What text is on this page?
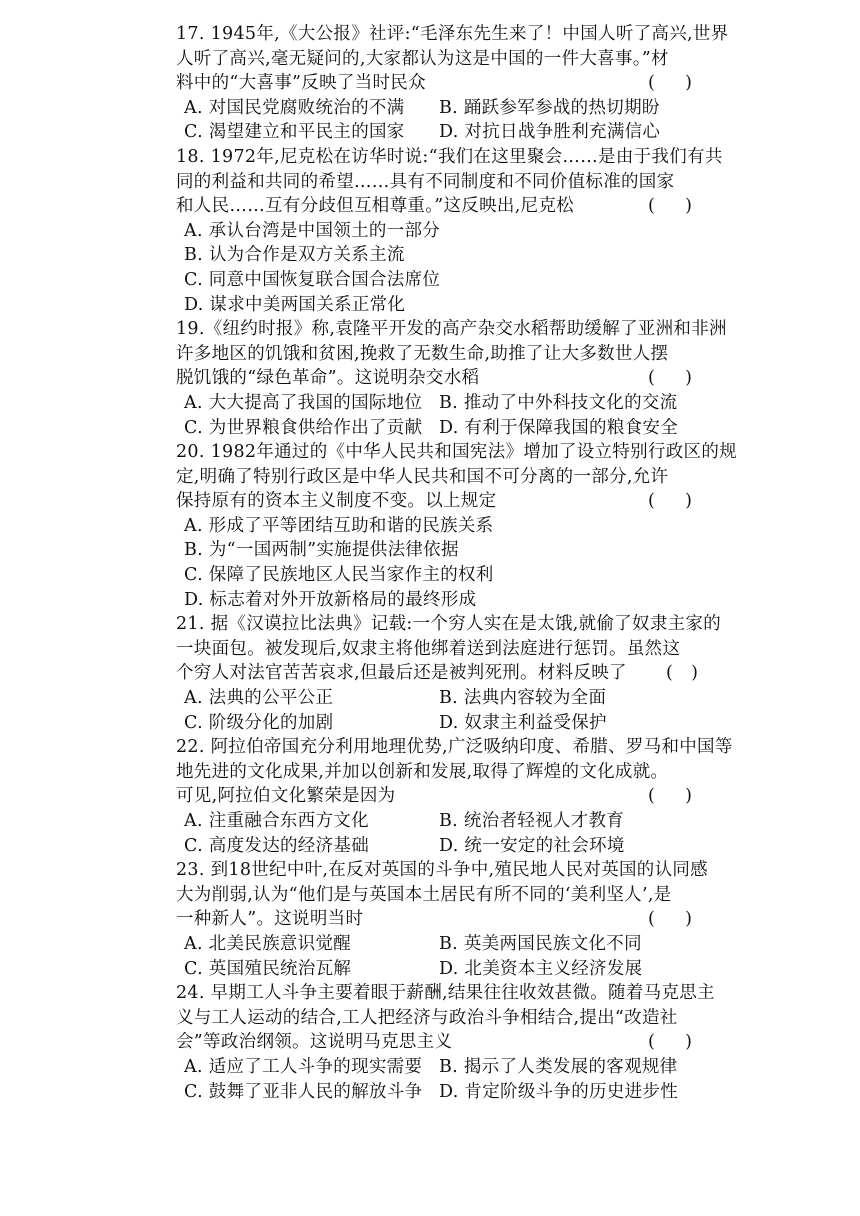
17. 1945年,《大公报》社评:“毛泽东先生来了！中国人听了高兴,世界
人听了高兴,毫无疑问的,大家都认为这是中国的一件大喜事。”材
料中的“大喜事”反映了当时民众	( )
A. 对国民党腐败统治的不满	B. 踊跃参军参战的热切期盼
C. 渴望建立和平民主的国家	D. 对抗日战争胜利充满信心
18. 1972年,尼克松在访华时说:“我们在这里聚会……是由于我们有共
同的利益和共同的希望……具有不同制度和不同价值标准的国家
和人民……互有分歧但互相尊重。”这反映出,尼克松	( )
A. 承认台湾是中国领土的一部分
B. 认为合作是双方关系主流
C. 同意中国恢复联合国合法席位
D. 谋求中美两国关系正常化
19.《纽约时报》称,袁隆平开发的高产杂交水稻帮助缓解了亚洲和非洲
许多地区的饥饿和贫困,挽救了无数生命,助推了让大多数世人摆
脱饥饿的“绿色革命”。这说明杂交水稻	( )
A. 大大提高了我国的国际地位 B. 推动了中外科技文化的交流
C. 为世界粮食供给作出了贡献 D. 有利于保障我国的粮食安全
20. 1982年通过的《中华人民共和国宪法》增加了设立特别行政区的规
定,明确了特别行政区是中华人民共和国不可分离的一部分,允许
保持原有的资本主义制度不变。以上规定	( )
A. 形成了平等团结互助和谐的民族关系
B. 为“一国两制”实施提供法律依据
C. 保障了民族地区人民当家作主的权利
D. 标志着对外开放新格局的最终形成
21. 据《汉谟拉比法典》记载:一个穷人实在是太饿,就偷了奴隶主家的
一块面包。被发现后,奴隶主将他绑着送到法庭进行惩罚。虽然这
个穷人对法官苦苦哀求,但最后还是被判死刑。材料反映了 ( )
A. 法典的公平公正	B. 法典内容较为全面
C. 阶级分化的加剧	D. 奴隶主利益受保护
22. 阿拉伯帝国充分利用地理优势,广泛吸纳印度、希腊、罗马和中国等
地先进的文化成果,并加以创新和发展,取得了辉煌的文化成就。
可见,阿拉伯文化繁荣是因为	( )
A. 注重融合东西方文化	B. 统治者轻视人才教育
C. 高度发达的经济基础	D. 统一安定的社会环境
23. 到18世纪中叶,在反对英国的斗争中,殖民地人民对英国的认同感
大为削弱,认为“他们是与英国本土居民有所不同的‘美利坚人’,是
一种新人”。这说明当时	( )
A. 北美民族意识觉醒	B. 英美两国民族文化不同
C. 英国殖民统治瓦解	D. 北美资本主义经济发展
24. 早期工人斗争主要着眼于薪酬,结果往往收效甚微。随着马克思主
义与工人运动的结合,工人把经济与政治斗争相结合,提出“改造社
会”等政治纲领。这说明马克思主义	( )
A. 适应了工人斗争的现实需要 B. 揭示了人类发展的客观规律
C. 鼓舞了亚非人民的解放斗争 D. 肯定阶级斗争的历史进步性
